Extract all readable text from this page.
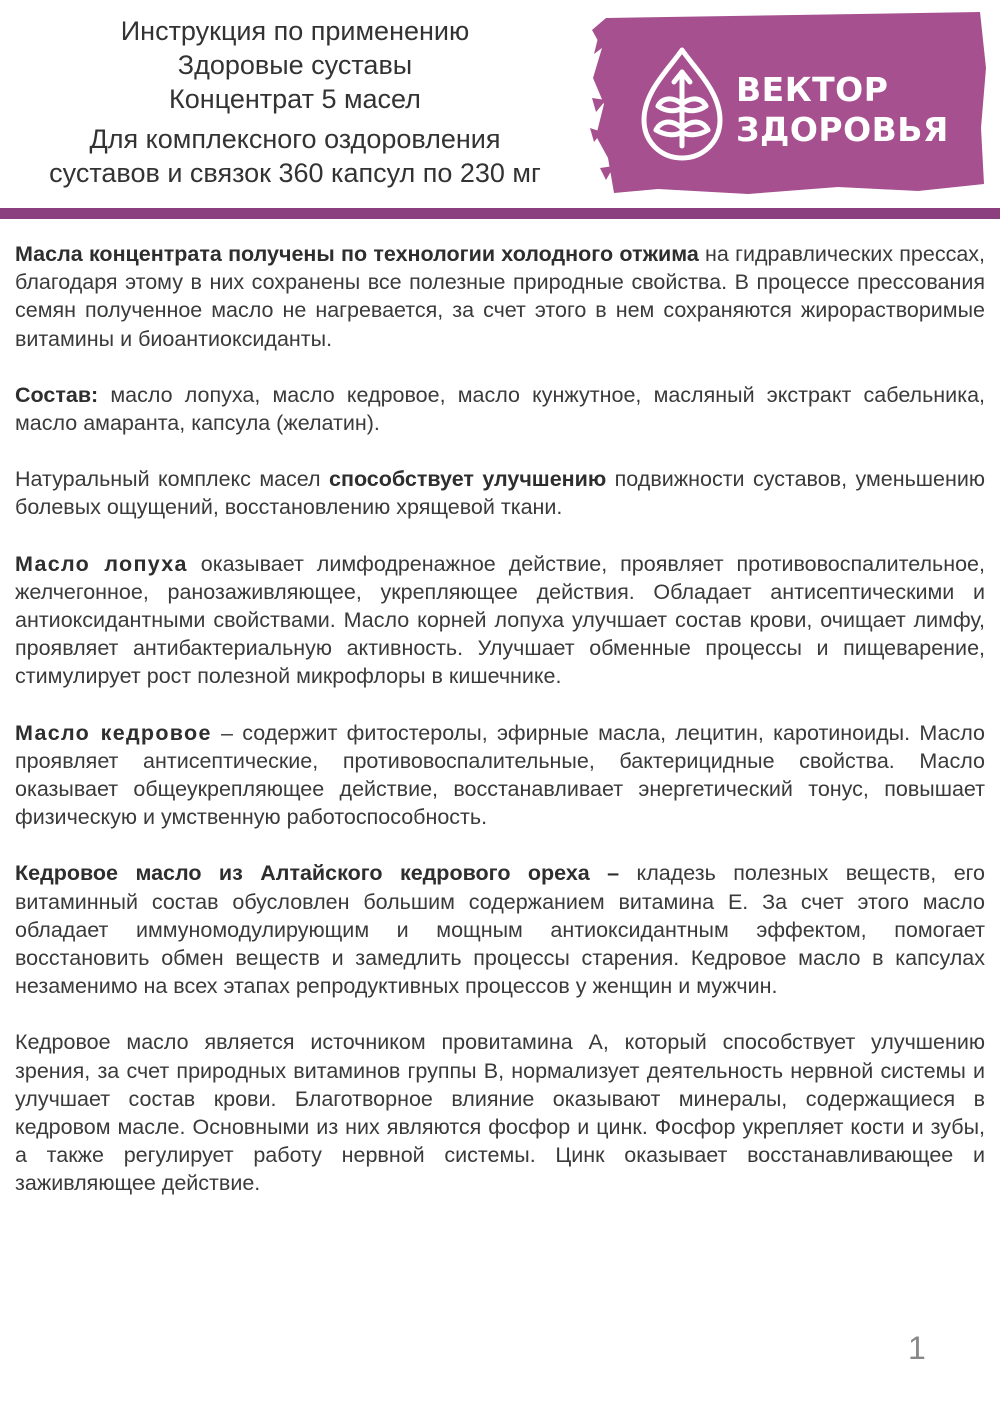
Инструкция по применению
Здоровые суставы
Концентрат 5 масел
Для комплексного оздоровления
суставов и связок 360 капсул по 230 мг
ВЕКТОР
ЗДОРОВЬЯ

Масла концентрата получены по технологии холодного отжима на гидравлических прессах, благодаря этому в них сохранены все полезные природные свойства. В процессе прессования семян полученное масло не нагревается, за счет этого в нем сохраняются жирорастворимые витамины и биоантиоксиданты.

Состав: масло лопуха, масло кедровое, масло кунжутное, масляный экстракт сабельника, масло амаранта, капсула (желатин).

Натуральный комплекс масел способствует улучшению подвижности суставов, уменьшению болевых ощущений, восстановлению хрящевой ткани.

Масло лопуха оказывает лимфодренажное действие, проявляет противовоспалительное, желчегонное, ранозаживляющее, укрепляющее действия. Обладает антисептическими и антиоксидантными свойствами. Масло корней лопуха улучшает состав крови, очищает лимфу, проявляет антибактериальную активность. Улучшает обменные процессы и пищеварение, стимулирует рост полезной микрофлоры в кишечнике.

Масло кедровое – содержит фитостеролы, эфирные масла, лецитин, каротиноиды. Масло проявляет антисептические, противовоспалительные, бактерицидные свойства. Масло оказывает общеукрепляющее действие, восстанавливает энергетический тонус, повышает физическую и умственную работоспособность.

Кедровое масло из Алтайского кедрового ореха – кладезь полезных веществ, его витаминный состав обусловлен большим содержанием витамина Е. За счет этого масло обладает иммуномодулирующим и мощным антиоксидантным эффектом, помогает восстановить обмен веществ и замедлить процессы старения. Кедровое масло в капсулах незаменимо на всех этапах репродуктивных процессов у женщин и мужчин.

Кедровое масло является источником провитамина А, который способствует улучшению зрения, за счет природных витаминов группы В, нормализует деятельность нервной системы и улучшает состав крови. Благотворное влияние оказывают минералы, содержащиеся в кедровом масле. Основными из них являются фосфор и цинк. Фосфор укрепляет кости и зубы, а также регулирует работу нервной системы. Цинк оказывает восстанавливающее и заживляющее действие.

1
